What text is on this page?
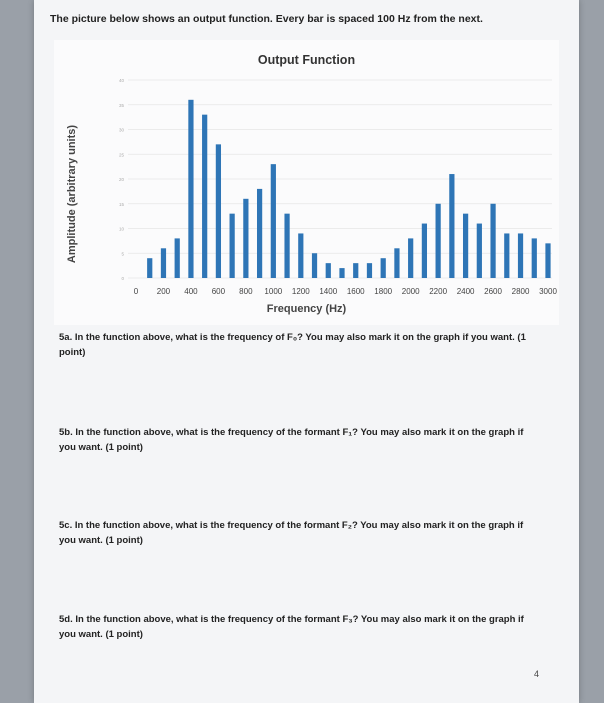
The picture below shows an output function. Every bar is spaced 100 Hz from the next.
Output Function
Amplitude (arbitrary units)
0
5
10
15
20
25
30
35
40
0 200 400 600 800 1000 1200 1400 1600 1800 2000 2200 2400 2600 2800 3000
Frequency (Hz)
5a. In the function above, what is the frequency of F₀? You may also mark it on the graph if you want. (1 point)
5b. In the function above, what is the frequency of the formant F₁? You may also mark it on the graph if you want. (1 point)
5c. In the function above, what is the frequency of the formant F₂? You may also mark it on the graph if you want. (1 point)
5d. In the function above, what is the frequency of the formant F₃? You may also mark it on the graph if you want. (1 point)
4
